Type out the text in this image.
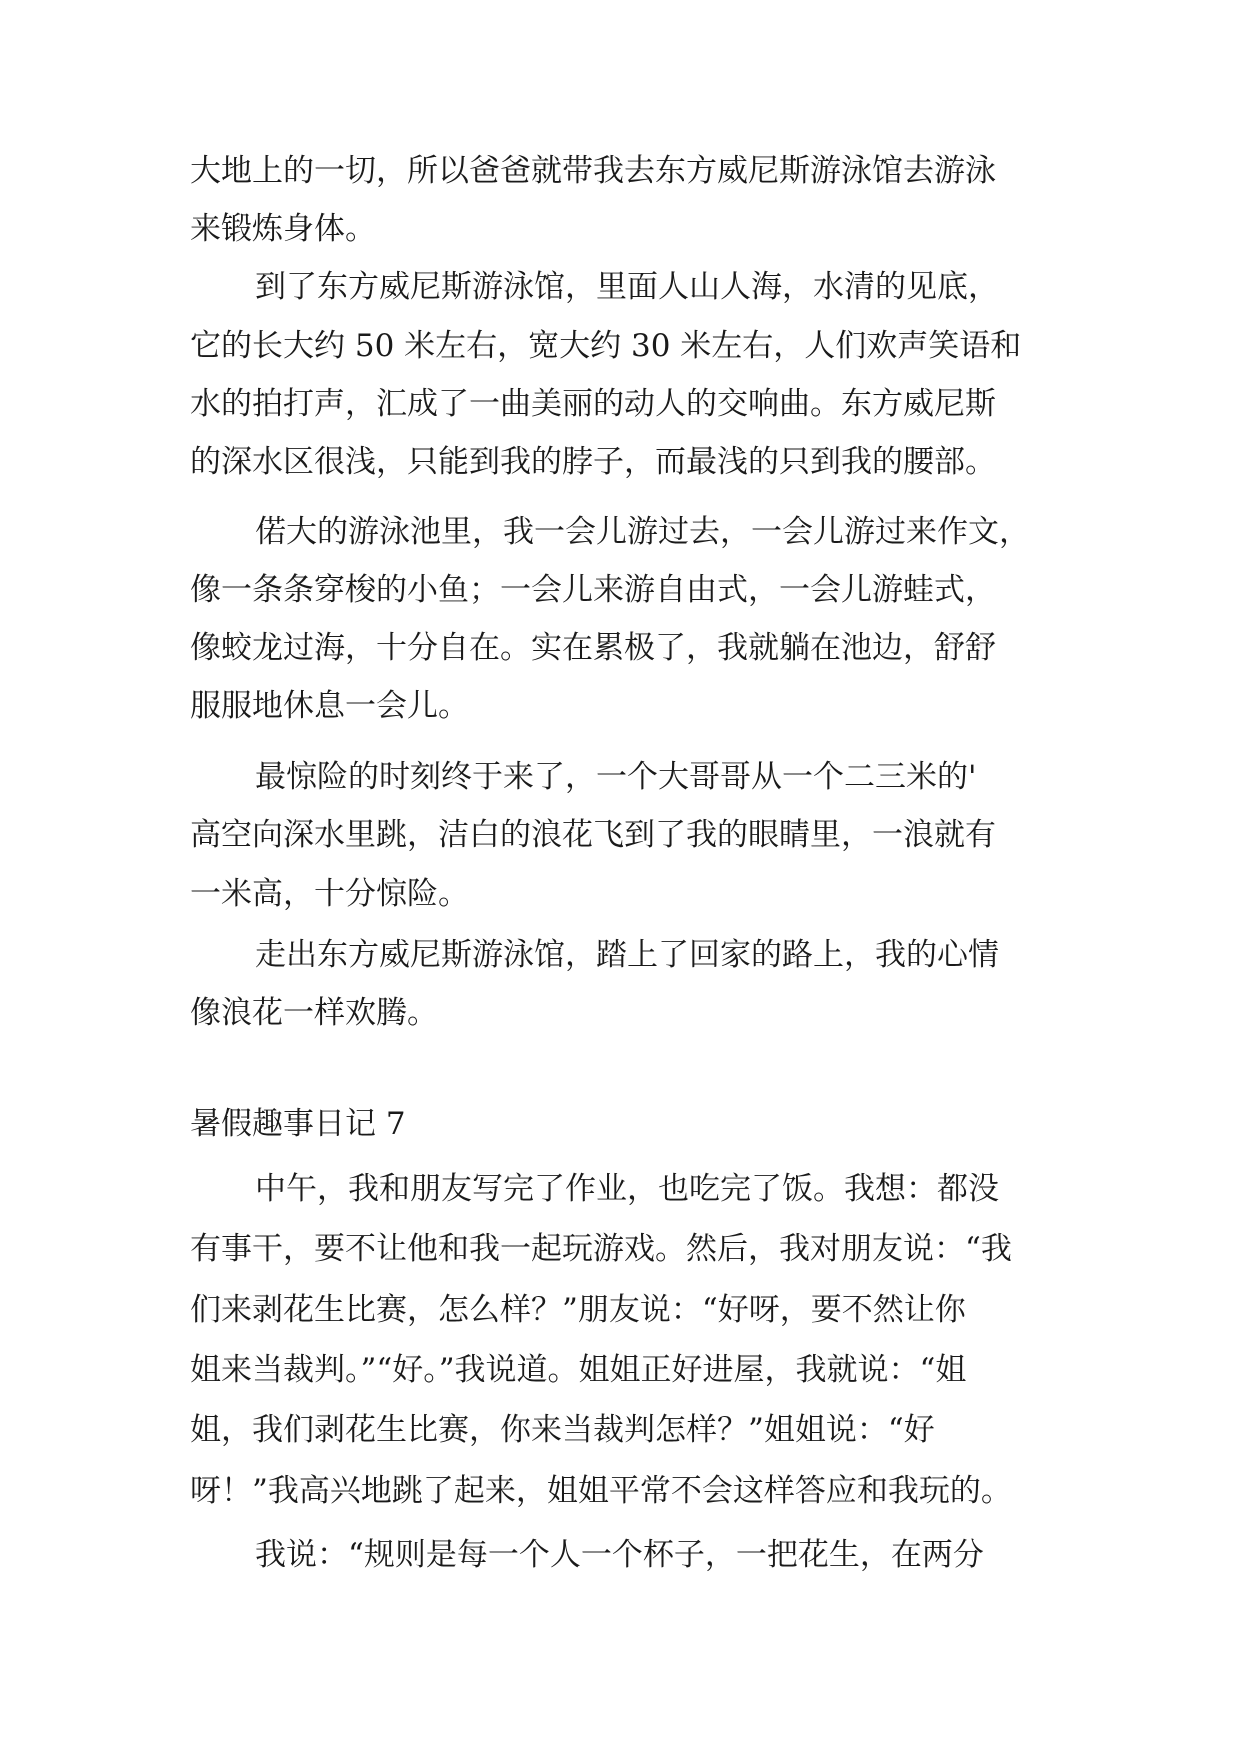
大地上的一切，所以爸爸就带我去东方威尼斯游泳馆去游泳
来锻炼身体。
到了东方威尼斯游泳馆，里面人山人海，水清的见底，
它的长大约 50 米左右，宽大约 30 米左右，人们欢声笑语和
水的拍打声，汇成了一曲美丽的动人的交响曲。东方威尼斯
的深水区很浅，只能到我的脖子，而最浅的只到我的腰部。
偌大的游泳池里，我一会儿游过去，一会儿游过来作文，
像一条条穿梭的小鱼；一会儿来游自由式，一会儿游蛙式，
像蛟龙过海，十分自在。实在累极了，我就躺在池边，舒舒
服服地休息一会儿。
最惊险的时刻终于来了，一个大哥哥从一个二三米的'
高空向深水里跳，洁白的浪花飞到了我的眼睛里，一浪就有
一米高，十分惊险。
走出东方威尼斯游泳馆，踏上了回家的路上，我的心情
像浪花一样欢腾。
暑假趣事日记 7
中午，我和朋友写完了作业，也吃完了饭。我想：都没
有事干，要不让他和我一起玩游戏。然后，我对朋友说：“我
们来剥花生比赛，怎么样？”朋友说：“好呀，要不然让你
姐来当裁判。”“好。”我说道。姐姐正好进屋，我就说：“姐
姐，我们剥花生比赛，你来当裁判怎样？”姐姐说：“好
呀！”我高兴地跳了起来，姐姐平常不会这样答应和我玩的。
我说：“规则是每一个人一个杯子，一把花生，在两分
